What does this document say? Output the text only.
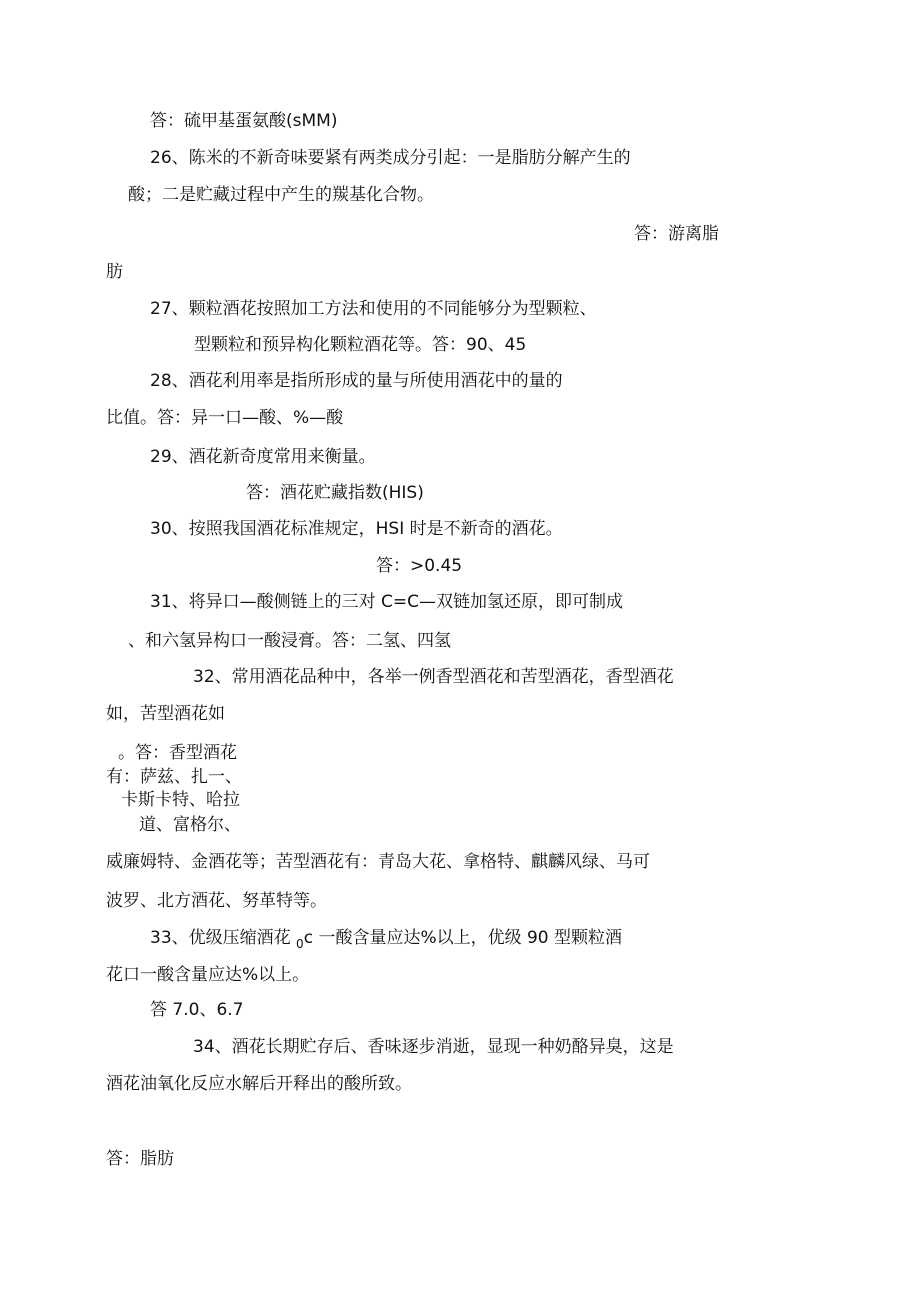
答：硫甲基蛋氨酸(sMM)

26、陈米的不新奇味要紧有两类成分引起：一是脂肪分解产生的

酸；二是贮藏过程中产生的羰基化合物。

答：游离脂

肪

27、颗粒酒花按照加工方法和使用的不同能够分为型颗粒、

型颗粒和预异构化颗粒酒花等。答：90、45

28、酒花利用率是指所形成的量与所使用酒花中的量的

比值。答：异一口—酸、%—酸

29、酒花新奇度常用来衡量。

答：酒花贮藏指数(HIS)

30、按照我国酒花标准规定，HSI 时是不新奇的酒花。

答：>0.45

31、将异口—酸侧链上的三对 C=C—双链加氢还原，即可制成

、和六氢异构口一酸浸膏。答：二氢、四氢

32、常用酒花品种中，各举一例香型酒花和苦型酒花，香型酒花

如，苦型酒花如

。答：香型酒花

有：萨兹、扎一、

卡斯卡特、哈拉

道、富格尔、

威廉姆特、金酒花等；苦型酒花有：青岛大花、拿格特、麒麟风绿、马可

波罗、北方酒花、努革特等。

33、优级压缩酒花 $_0$c 一酸含量应达%以上，优级 90 型颗粒酒

花口一酸含量应达%以上。

答 7.0、6.7

34、酒花长期贮存后、香味逐步消逝，显现一种奶酪异臭，这是

酒花油氧化反应水解后开释出的酸所致。

答：脂肪
